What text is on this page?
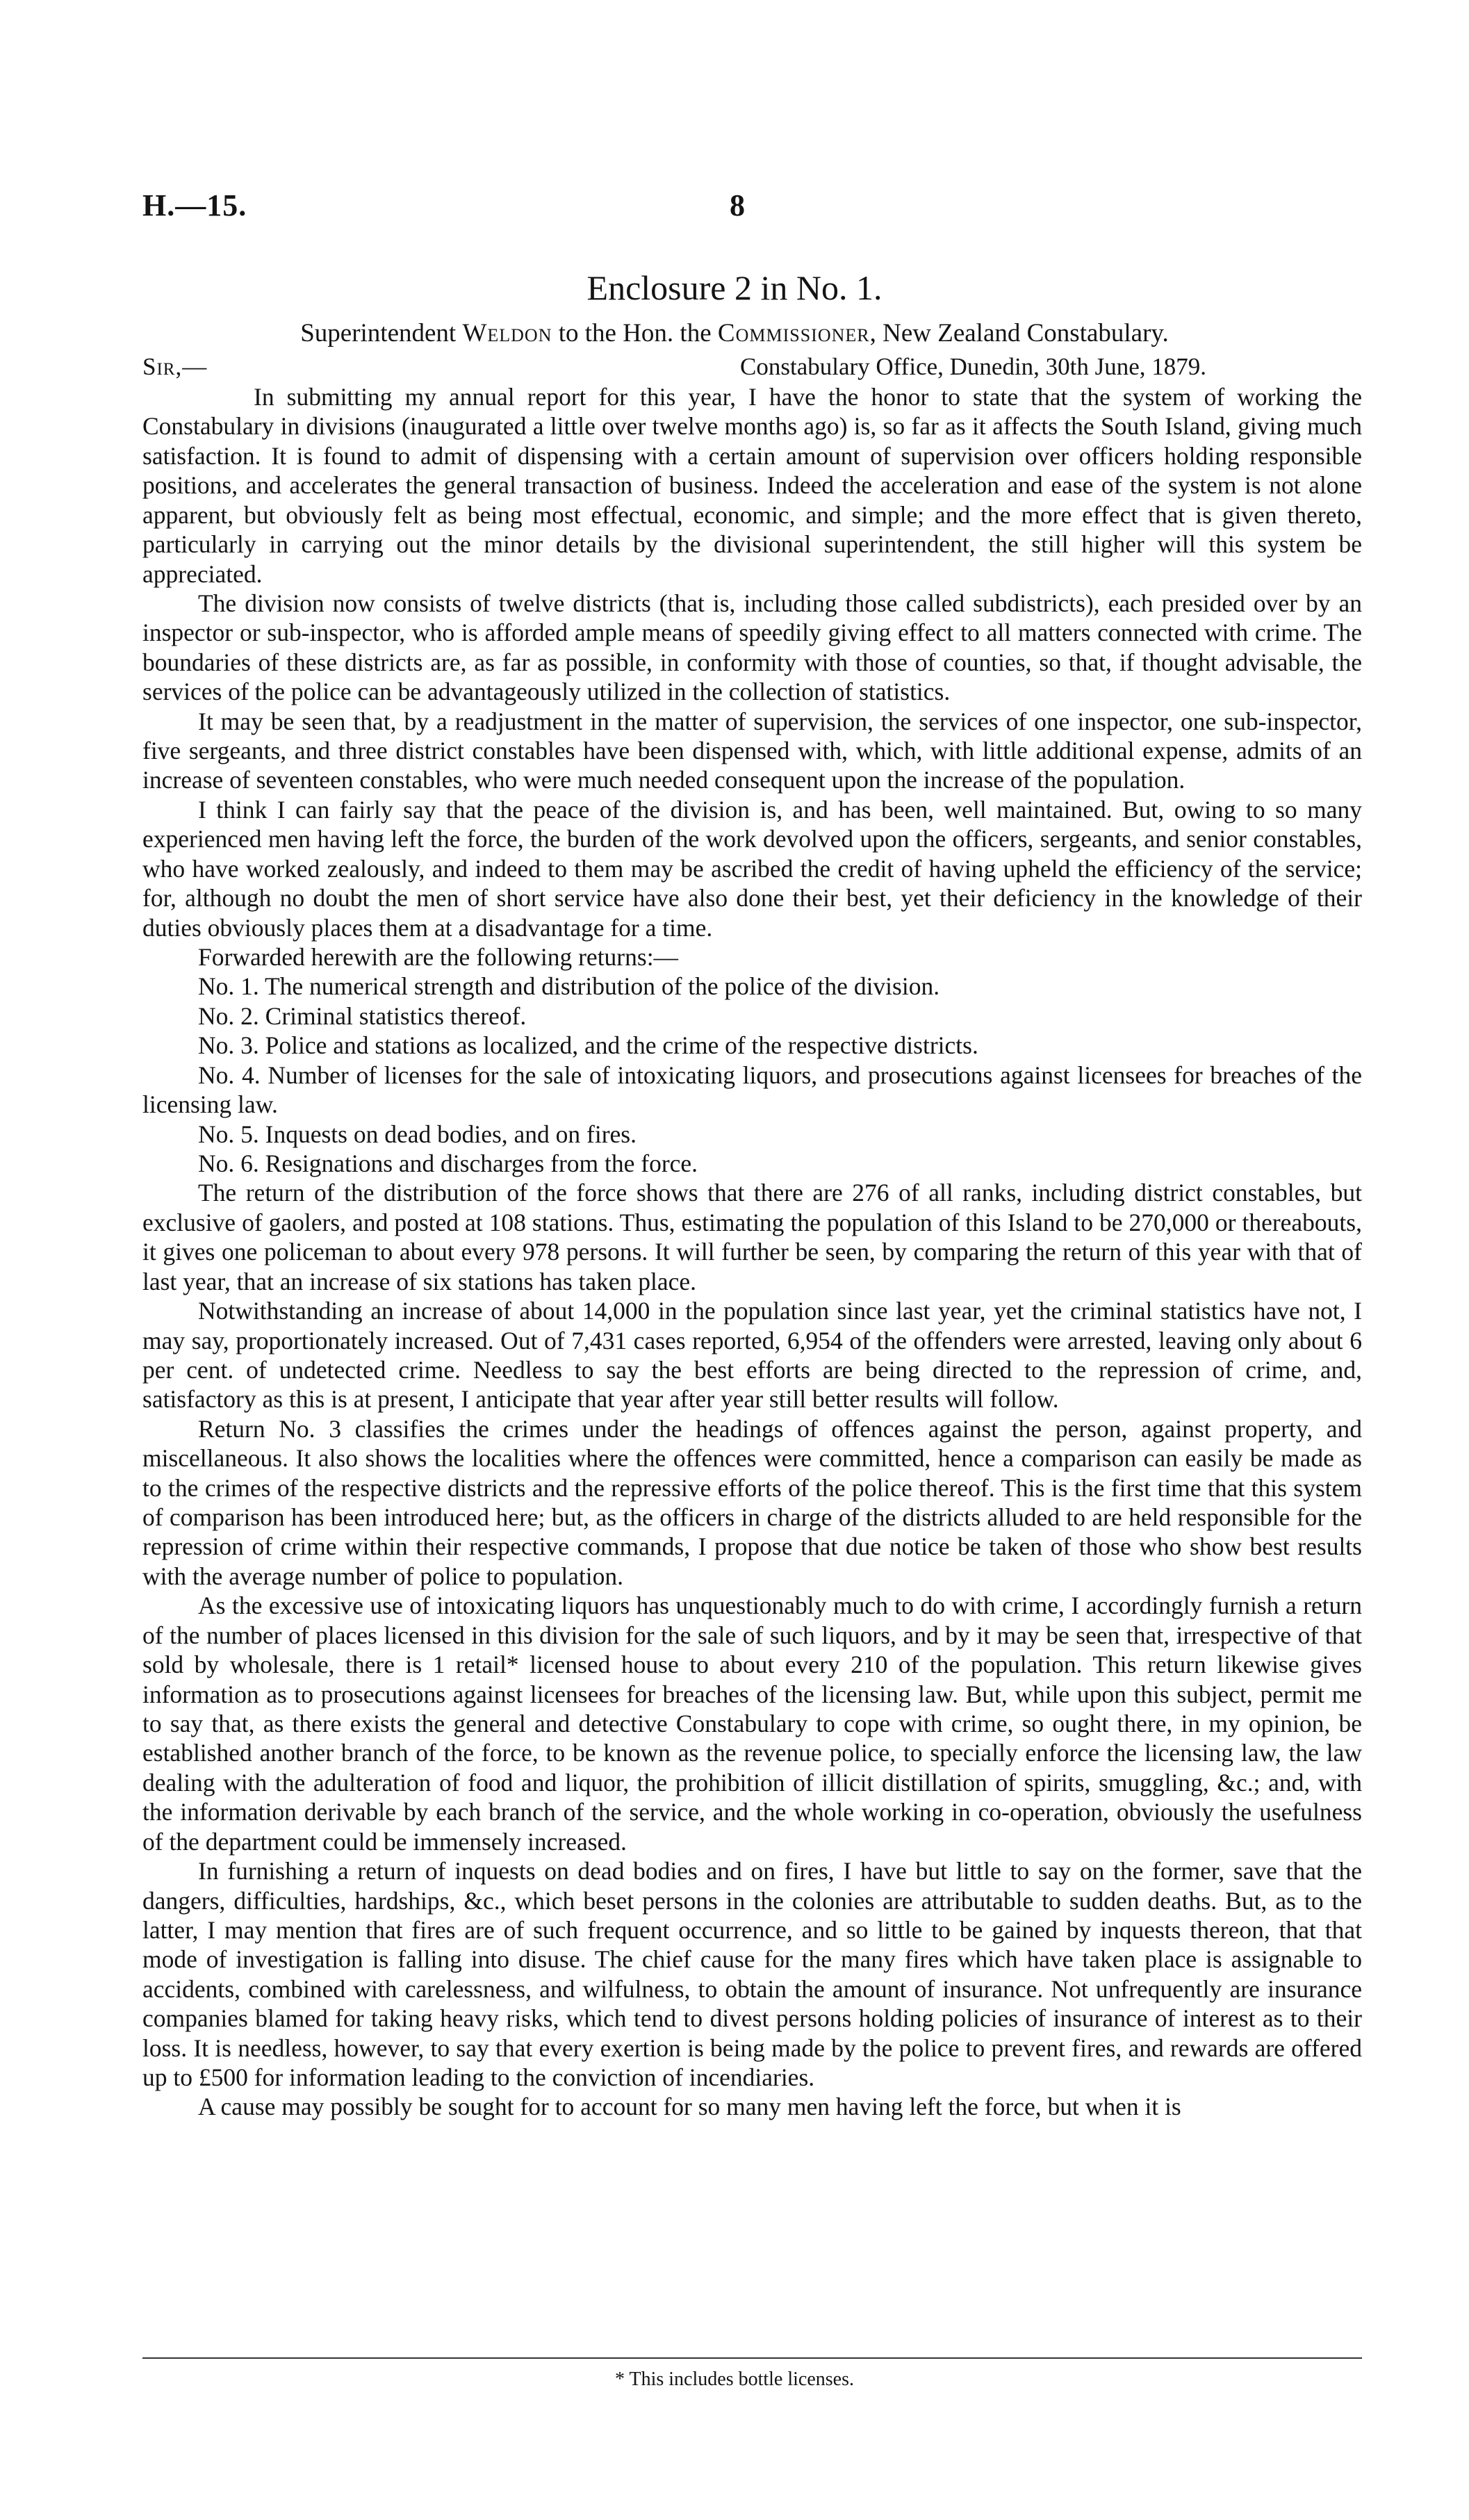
H.—15.	8
Enclosure 2 in No. 1.
Superintendent Weldon to the Hon. the Commissioner, New Zealand Constabulary.
Sir,—	Constabulary Office, Dunedin, 30th June, 1879.

In submitting my annual report for this year, I have the honor to state that the system of working the Constabulary in divisions (inaugurated a little over twelve months ago) is, so far as it affects the South Island, giving much satisfaction. It is found to admit of dispensing with a certain amount of supervision over officers holding responsible positions, and accelerates the general transaction of business. Indeed the acceleration and ease of the system is not alone apparent, but obviously felt as being most effectual, economic, and simple; and the more effect that is given thereto, particularly in carrying out the minor details by the divisional superintendent, the still higher will this system be appreciated.

The division now consists of twelve districts (that is, including those called subdistricts), each presided over by an inspector or sub-inspector, who is afforded ample means of speedily giving effect to all matters connected with crime. The boundaries of these districts are, as far as possible, in conformity with those of counties, so that, if thought advisable, the services of the police can be advantageously utilized in the collection of statistics.

It may be seen that, by a readjustment in the matter of supervision, the services of one inspector, one sub-inspector, five sergeants, and three district constables have been dispensed with, which, with little additional expense, admits of an increase of seventeen constables, who were much needed consequent upon the increase of the population.

I think I can fairly say that the peace of the division is, and has been, well maintained. But, owing to so many experienced men having left the force, the burden of the work devolved upon the officers, sergeants, and senior constables, who have worked zealously, and indeed to them may be ascribed the credit of having upheld the efficiency of the service; for, although no doubt the men of short service have also done their best, yet their deficiency in the knowledge of their duties obviously places them at a disadvantage for a time.

Forwarded herewith are the following returns:—

No. 1. The numerical strength and distribution of the police of the division.

No. 2. Criminal statistics thereof.

No. 3. Police and stations as localized, and the crime of the respective districts.

No. 4. Number of licenses for the sale of intoxicating liquors, and prosecutions against licensees for breaches of the licensing law.

No. 5. Inquests on dead bodies, and on fires.

No. 6. Resignations and discharges from the force.

The return of the distribution of the force shows that there are 276 of all ranks, including district constables, but exclusive of gaolers, and posted at 108 stations. Thus, estimating the population of this Island to be 270,000 or thereabouts, it gives one policeman to about every 978 persons. It will further be seen, by comparing the return of this year with that of last year, that an increase of six stations has taken place.

Notwithstanding an increase of about 14,000 in the population since last year, yet the criminal statistics have not, I may say, proportionately increased. Out of 7,431 cases reported, 6,954 of the offenders were arrested, leaving only about 6 per cent. of undetected crime. Needless to say the best efforts are being directed to the repression of crime, and, satisfactory as this is at present, I anticipate that year after year still better results will follow.

Return No. 3 classifies the crimes under the headings of offences against the person, against property, and miscellaneous. It also shows the localities where the offences were committed, hence a comparison can easily be made as to the crimes of the respective districts and the repressive efforts of the police thereof. This is the first time that this system of comparison has been introduced here; but, as the officers in charge of the districts alluded to are held responsible for the repression of crime within their respective commands, I propose that due notice be taken of those who show best results with the average number of police to population.

As the excessive use of intoxicating liquors has unquestionably much to do with crime, I accordingly furnish a return of the number of places licensed in this division for the sale of such liquors, and by it may be seen that, irrespective of that sold by wholesale, there is 1 retail* licensed house to about every 210 of the population. This return likewise gives information as to prosecutions against licensees for breaches of the licensing law. But, while upon this subject, permit me to say that, as there exists the general and detective Constabulary to cope with crime, so ought there, in my opinion, be established another branch of the force, to be known as the revenue police, to specially enforce the licensing law, the law dealing with the adulteration of food and liquor, the prohibition of illicit distillation of spirits, smuggling, &c.; and, with the information derivable by each branch of the service, and the whole working in co-operation, obviously the usefulness of the department could be immensely increased.

In furnishing a return of inquests on dead bodies and on fires, I have but little to say on the former, save that the dangers, difficulties, hardships, &c., which beset persons in the colonies are attributable to sudden deaths. But, as to the latter, I may mention that fires are of such frequent occurrence, and so little to be gained by inquests thereon, that that mode of investigation is falling into disuse. The chief cause for the many fires which have taken place is assignable to accidents, combined with carelessness, and wilfulness, to obtain the amount of insurance. Not unfrequently are insurance companies blamed for taking heavy risks, which tend to divest persons holding policies of insurance of interest as to their loss. It is needless, however, to say that every exertion is being made by the police to prevent fires, and rewards are offered up to £500 for information leading to the conviction of incendiaries.

A cause may possibly be sought for to account for so many men having left the force, but when it is

* This includes bottle licenses.
